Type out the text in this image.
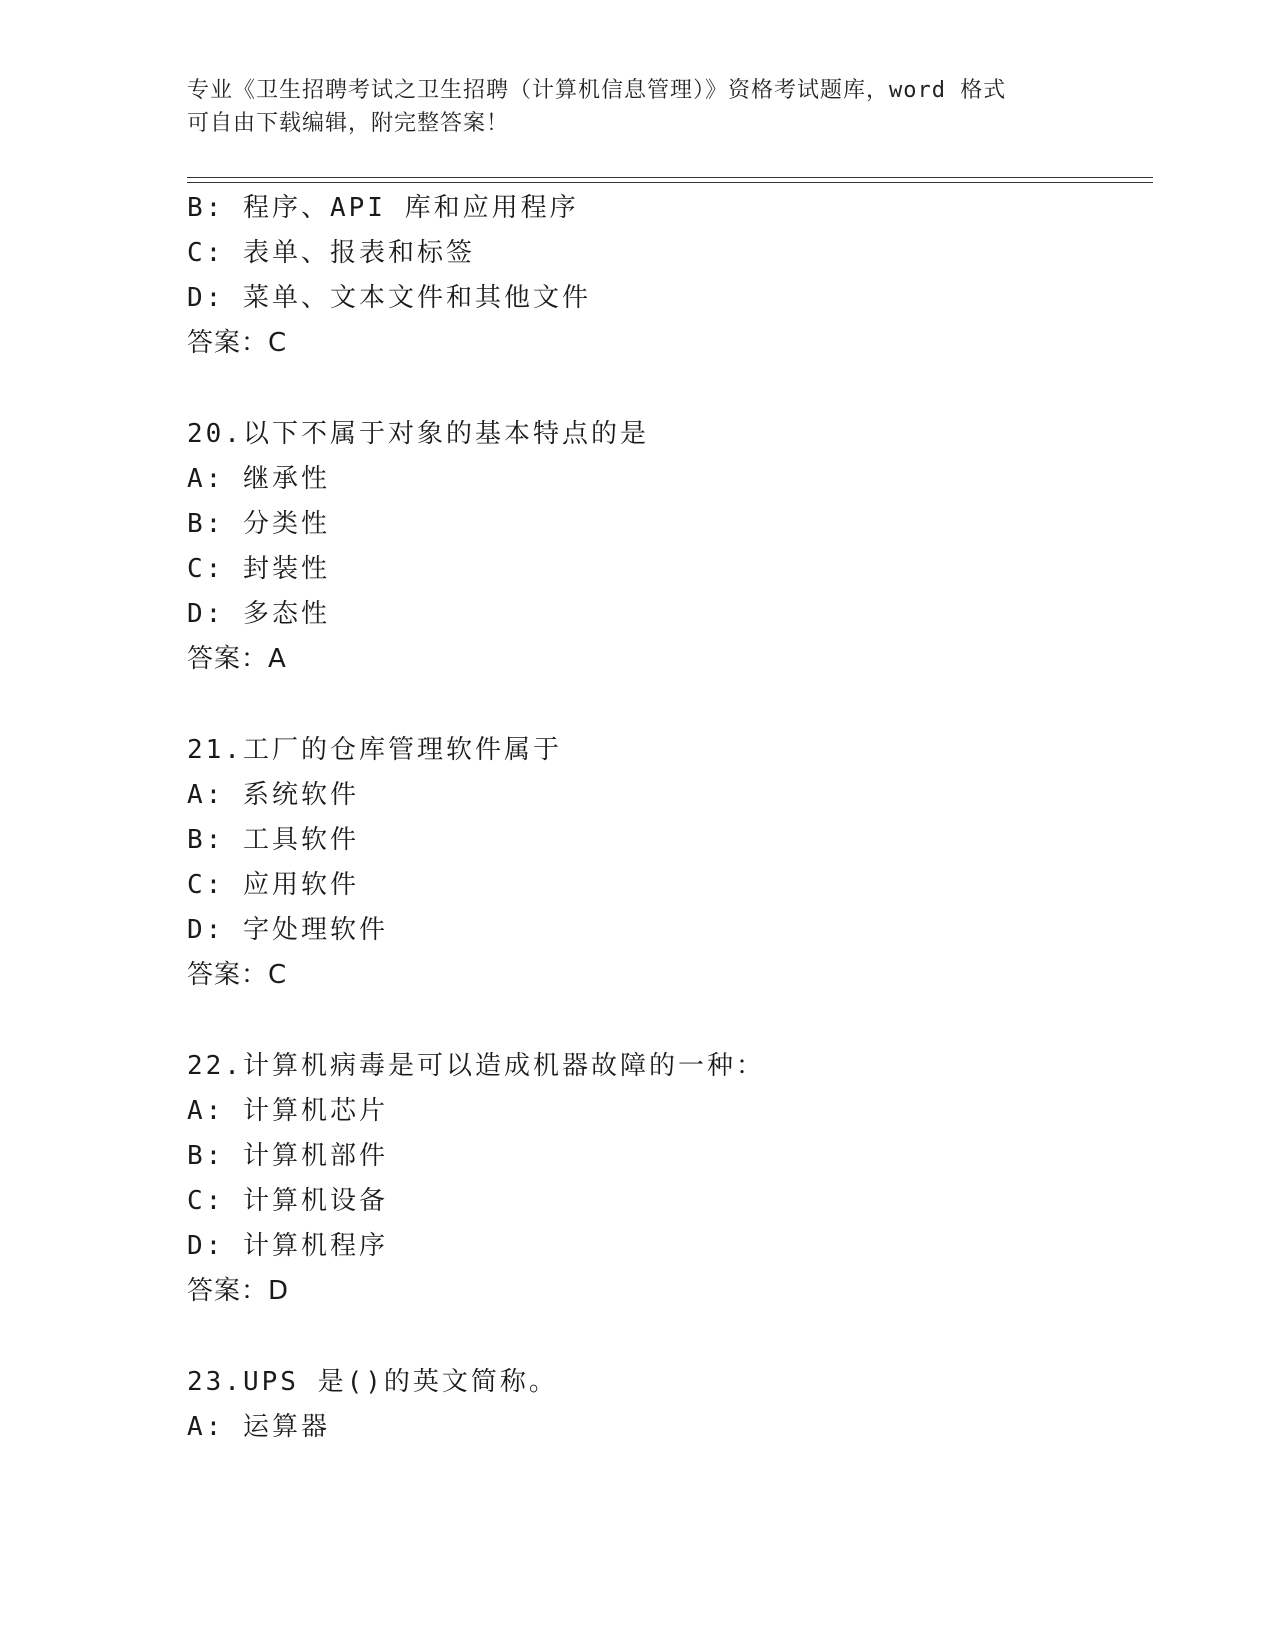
专业《卫生招聘考试之卫生招聘（计算机信息管理）》资格考试题库，word 格式
可自由下载编辑，附完整答案！
B: 程序、API 库和应用程序
C: 表单、报表和标签
D: 菜单、文本文件和其他文件
答案：C
20.以下不属于对象的基本特点的是
A: 继承性
B: 分类性
C: 封装性
D: 多态性
答案：A
21.工厂的仓库管理软件属于
A: 系统软件
B: 工具软件
C: 应用软件
D: 字处理软件
答案：C
22.计算机病毒是可以造成机器故障的一种：
A: 计算机芯片
B: 计算机部件
C: 计算机设备
D: 计算机程序
答案：D
23.UPS 是()的英文简称。
A: 运算器
